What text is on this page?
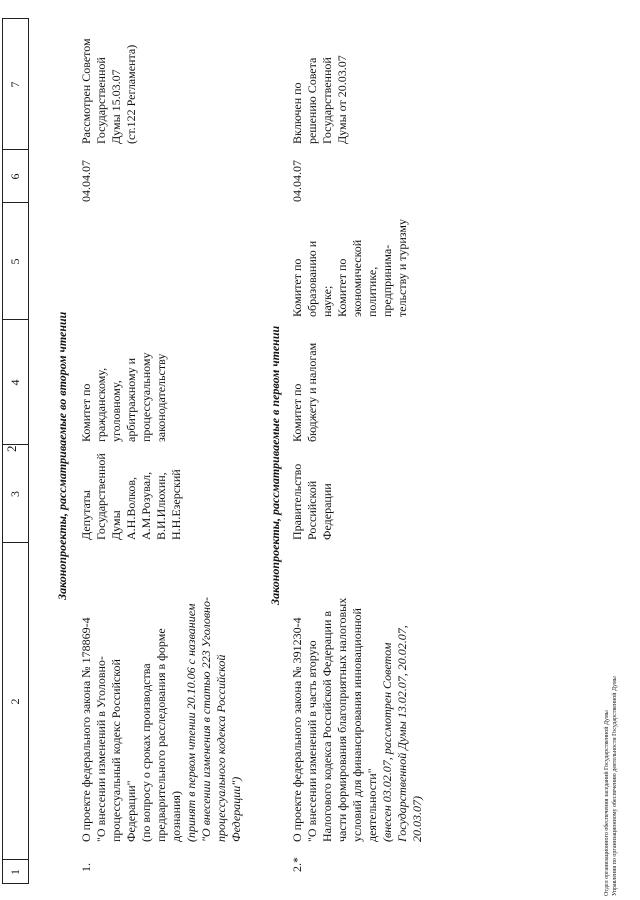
2
1
2
3
4
5
6
7
Законопроекты, рассматриваемые во втором чтении
1.
О проекте федерального закона № 178869-4 "О внесении изменений в Уголовно- процессуальный кодекс Российской Федерации" (по вопросу о сроках производства предварительного расследования в форме дознания) (принят в первом чтении 20.10.06 с названием "О внесении изменения в статью 223 Уголовно- процессуального кодекса Российской Федерации")
Депутаты Государственной Думы А.Н.Волков, А.М.Розувал, В.И.Илюхин, Н.Н.Езерский
Комитет по гражданскому, уголовному, арбитражному и процессуальному законодательству
04.04.07
Рассмотрен Советом Государственной Думы 15.03.07 (ст.122 Регламента)
Законопроекты, рассматриваемые в первом чтении
2.*
О проекте федерального закона № 391230-4 "О внесении изменений в часть вторую Налогового кодекса Российской Федерации в части формирования благоприятных налоговых условий для финансирования инновационной деятельности" (внесен 03.02.07, рассмотрен Советом Государственной Думы 13.02.07, 20.02.07, 20.03.07)
Правительство Российской Федерации
Комитет по бюджету и налогам
Комитет по образованию и науке; Комитет по экономической политике, предпринима- тельству и туризму
04.04.07
Включен по решению Совета Государственной Думы от 20.03.07
Отдел организационного обеспечения заседаний Государственной Думы Управления по организационному обеспечению деятельности Государственной Думы
